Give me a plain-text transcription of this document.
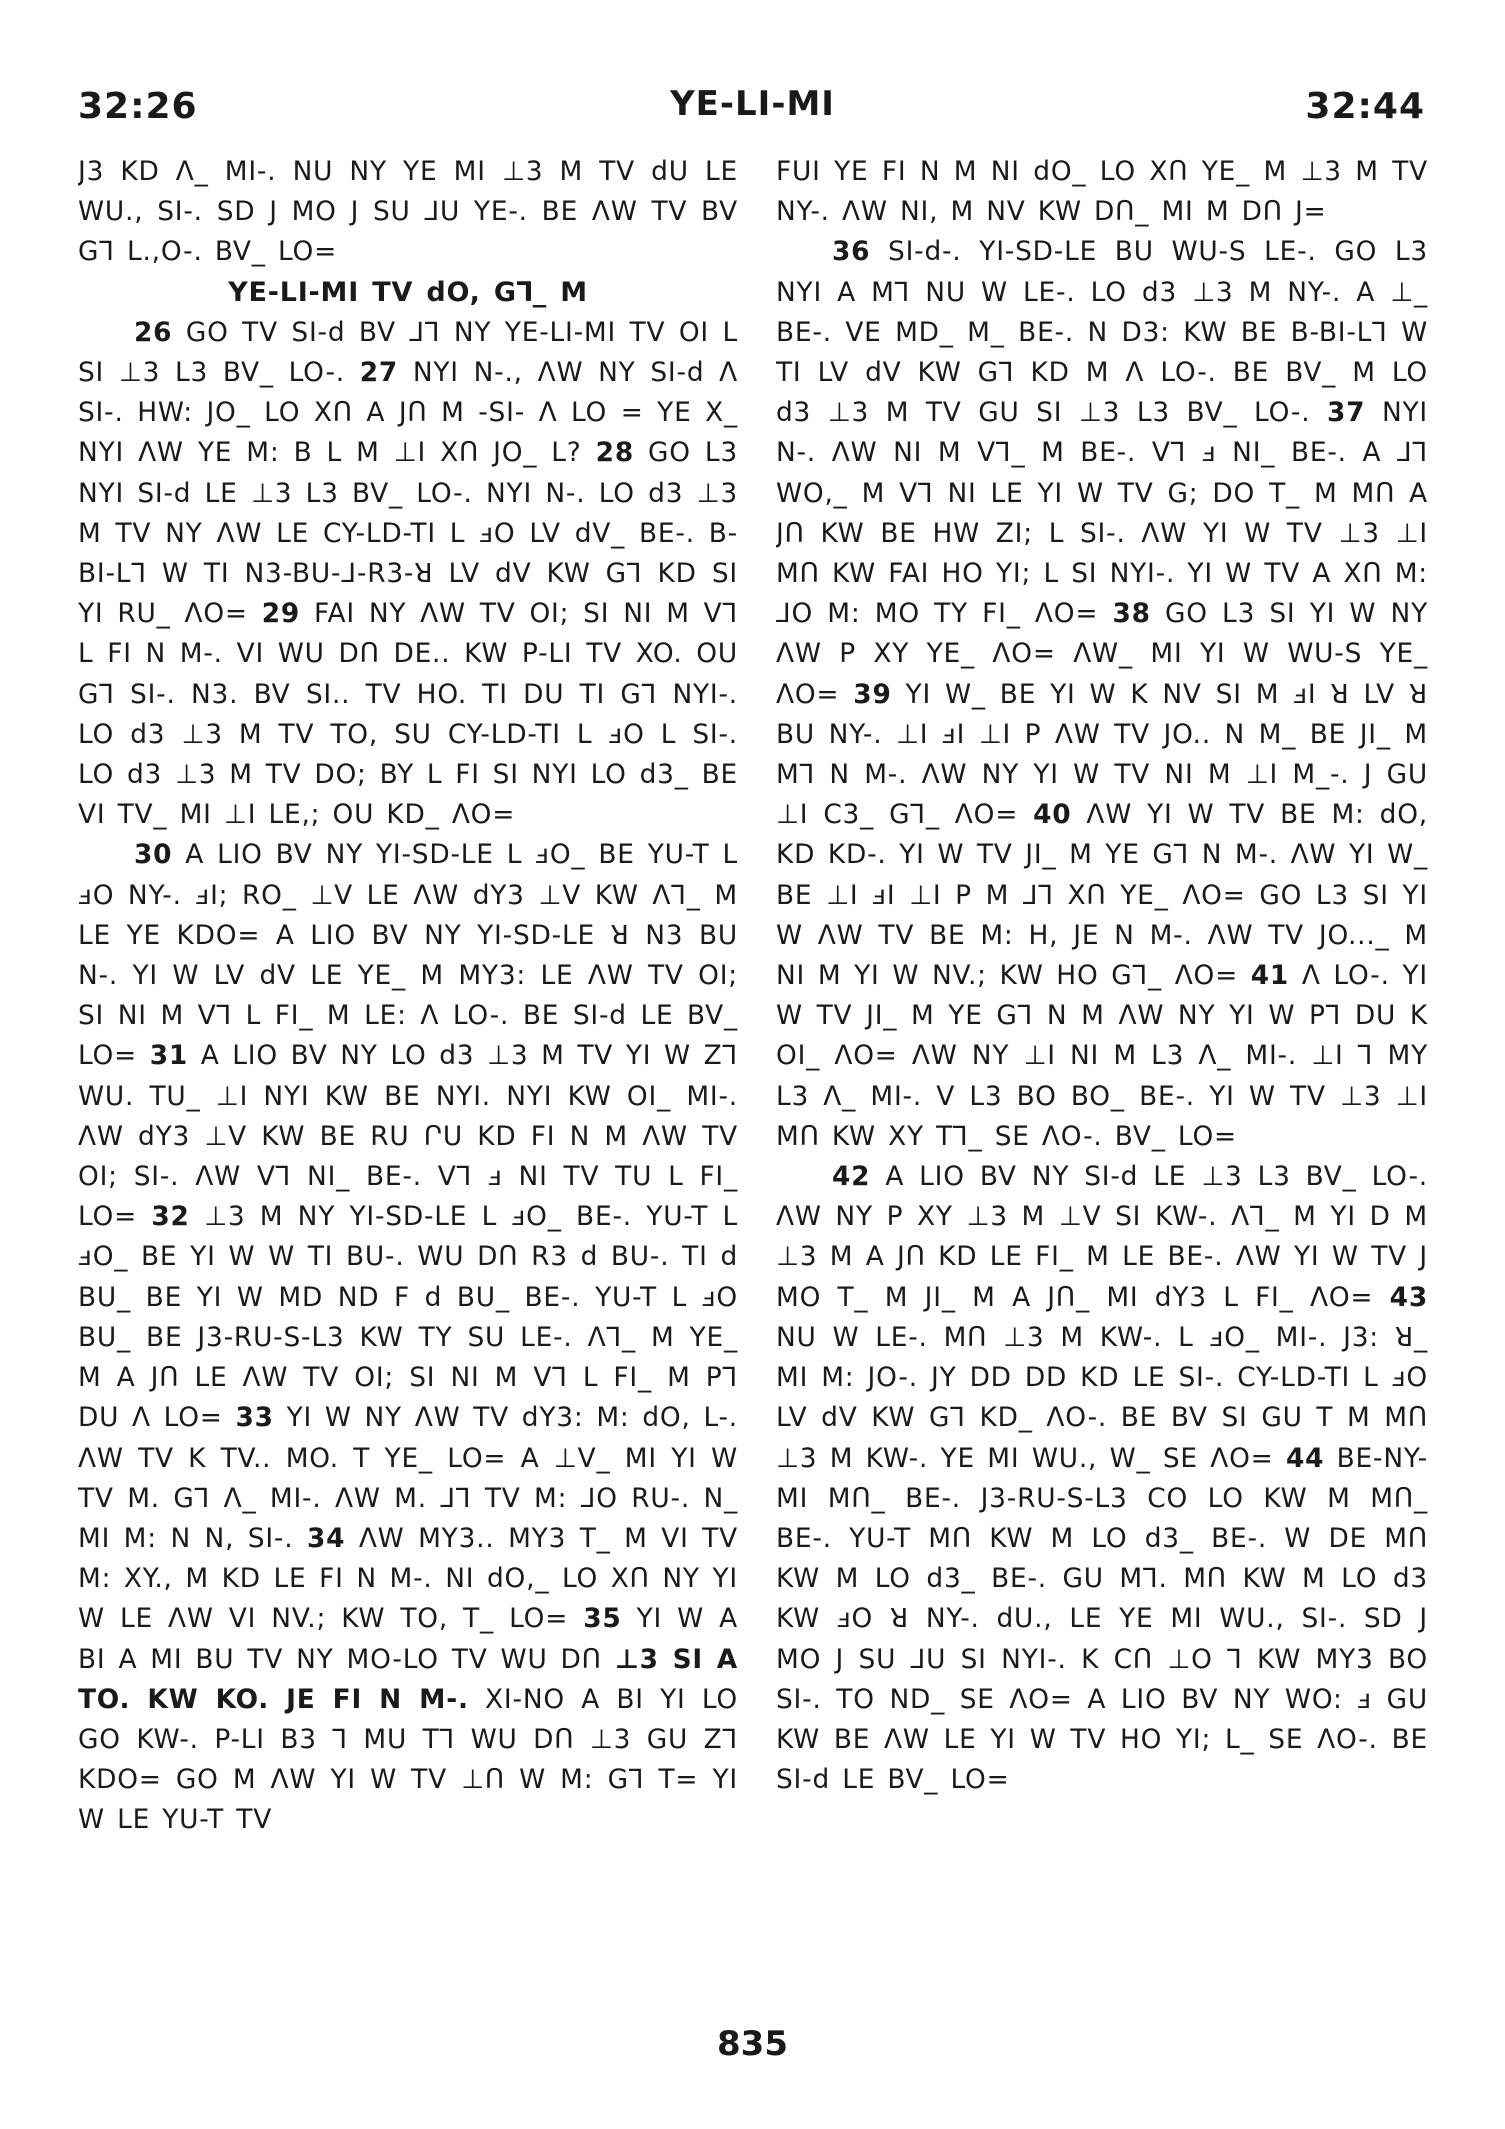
32:26	YE-LI-MI	32:44

J3 KD Λ_ MI-. NU NY YE MI ⊥3 M TV dU LE WU., SI-. SD J MO J SU ⅃U YE-. BE ΛW TV BV G⅂ L.,O-. BV_ LO=

YE-LI-MI TV dO, G⅂_ M

26 GO TV SI-d BV ⅃⅂ NY YE-LI-MI TV OI L SI ⊥3 L3 BV_ LO-. 27 NYI N-., ΛW NY SI-d Λ SI-. HW: JO_ LO XՈ A JՈ M -SI- Λ LO = YE X_ NYI ΛW YE M: B L M ⊥I XՈ JO_ L? 28 GO L3 NYI SI-d LE ⊥3 L3 BV_ LO-. NYI N-. LO d3 ⊥3 M TV NY ΛW LE CY-LD-TI L ⅎO LV dV_ BE-. B-BI-L⅂ W TI N3-BU-⅃-R3-ꓤ LV dV KW G⅂ KD SI YI RU_ ΛO= 29 FAI NY ΛW TV OI; SI NI M V⅂ L FI N M-. VI WU DՈ DE.. KW P-LI TV XO. OU G⅂ SI-. N3. BV SI.. TV HO. TI DU TI G⅂ NYI-. LO d3 ⊥3 M TV TO, SU CY-LD-TI L ⅎO L SI-. LO d3 ⊥3 M TV DO; BY L FI SI NYI LO d3_ BE VI TV_ MI ⊥I LE,; OU KD_ ΛO=

30 A LIO BV NY YI-SD-LE L ⅎO_ BE YU-T L ⅎO NY-. ⅎI; RO_ ⊥V LE ΛW dY3 ⊥V KW Λ⅂_ M LE YE KDO= A LIO BV NY YI-SD-LE ꓤ N3 BU N-. YI W LV dV LE YE_ M MY3: LE ΛW TV OI; SI NI M V⅂ L FI_ M LE: Λ LO-. BE SI-d LE BV_ LO= 31 A LIO BV NY LO d3 ⊥3 M TV YI W Z⅂ WU. TU_ ⊥I NYI KW BE NYI. NYI KW OI_ MI-. ΛW dY3 ⊥V KW BE RU ՐU KD FI N M ΛW TV OI; SI-. ΛW V⅂ NI_ BE-. V⅂ ⅎ NI TV TU L FI_ LO= 32 ⊥3 M NY YI-SD-LE L ⅎO_ BE-. YU-T L ⅎO_ BE YI W W TI BU-. WU DՈ R3 d BU-. TI d BU_ BE YI W MD ND F d BU_ BE-. YU-T L ⅎO BU_ BE J3-RU-S-L3 KW TY SU LE-. Λ⅂_ M YE_ M A JՈ LE ΛW TV OI; SI NI M V⅂ L FI_ M P⅂ DU Λ LO= 33 YI W NY ΛW TV dY3: M: dO, L-. ΛW TV K TV.. MO. T YE_ LO= A ⊥V_ MI YI W TV M. G⅂ Λ_ MI-. ΛW M. ⅃⅂ TV M: ⅃O RU-. N_ MI M: N N, SI-. 34 ΛW MY3.. MY3 T_ M VI TV M: XY., M KD LE FI N M-. NI dO,_ LO XՈ NY YI W LE ΛW VI NV.; KW TO, T_ LO= 35 YI W A BI A MI BU TV NY MO-LO TV WU DՈ ⊥3 SI A TO. KW KO. JE FI N M-. XI-NO A BI YI LO GO KW-. P-LI B3 ⅂ MU T⅂ WU DՈ ⊥3 GU Z⅂ KDO= GO M ΛW YI W TV ⊥Ո W M: G⅂ T= YI W LE YU-T TV

FUI YE FI N M NI dO_ LO XՈ YE_ M ⊥3 M TV NY-. ΛW NI, M NV KW DՈ_ MI M DՈ J=

36 SI-d-. YI-SD-LE BU WU-S LE-. GO L3 NYI A M⅂ NU W LE-. LO d3 ⊥3 M NY-. A ⊥_ BE-. VE MD_ M_ BE-. N D3: KW BE B-BI-L⅂ W TI LV dV KW G⅂ KD M Λ LO-. BE BV_ M LO d3 ⊥3 M TV GU SI ⊥3 L3 BV_ LO-. 37 NYI N-. ΛW NI M V⅂_ M BE-. V⅂ ⅎ NI_ BE-. A ⅃⅂ WO,_ M V⅂ NI LE YI W TV G; DO T_ M MՈ A JՈ KW BE HW ZI; L SI-. ΛW YI W TV ⊥3 ⊥I MՈ KW FAI HO YI; L SI NYI-. YI W TV A XՈ M: ⅃O M: MO TY FI_ ΛO= 38 GO L3 SI YI W NY ΛW P XY YE_ ΛO= ΛW_ MI YI W WU-S YE_ ΛO= 39 YI W_ BE YI W K NV SI M ⅎI ꓤ LV ꓤ BU NY-. ⊥I ⅎI ⊥I P ΛW TV JO.. N M_ BE JI_ M M⅂ N M-. ΛW NY YI W TV NI M ⊥I M_-. J GU ⊥I C3_ G⅂_ ΛO= 40 ΛW YI W TV BE M: dO, KD KD-. YI W TV JI_ M YE G⅂ N M-. ΛW YI W_ BE ⊥I ⅎI ⊥I P M ⅃⅂ XՈ YE_ ΛO= GO L3 SI YI W ΛW TV BE M: H, JE N M-. ΛW TV JO..._ M NI M YI W NV.; KW HO G⅂_ ΛO= 41 Λ LO-. YI W TV JI_ M YE G⅂ N M ΛW NY YI W P⅂ DU K OI_ ΛO= ΛW NY ⊥I NI M L3 Λ_ MI-. ⊥I ⅂ MY L3 Λ_ MI-. V L3 BO BO_ BE-. YI W TV ⊥3 ⊥I MՈ KW XY T⅂_ SE ΛO-. BV_ LO=

42 A LIO BV NY SI-d LE ⊥3 L3 BV_ LO-. ΛW NY P XY ⊥3 M ⊥V SI KW-. Λ⅂_ M YI D M ⊥3 M A JՈ KD LE FI_ M LE BE-. ΛW YI W TV J MO T_ M JI_ M A JՈ_ MI dY3 L FI_ ΛO= 43 NU W LE-. MՈ ⊥3 M KW-. L ⅎO_ MI-. J3: ꓤ_ MI M: JO-. JY DD DD KD LE SI-. CY-LD-TI L ⅎO LV dV KW G⅂ KD_ ΛO-. BE BV SI GU T M MՈ ⊥3 M KW-. YE MI WU., W_ SE ΛO= 44 BE-NY-MI MՈ_ BE-. J3-RU-S-L3 CO LO KW M MՈ_ BE-. YU-T MՈ KW M LO d3_ BE-. W DE MՈ KW M LO d3_ BE-. GU M⅂. MՈ KW M LO d3 KW ⅎO ꓤ NY-. dU., LE YE MI WU., SI-. SD J MO J SU ⅃U SI NYI-. K CՈ ⊥O ⅂ KW MY3 BO SI-. TO ND_ SE ΛO= A LIO BV NY WO: ⅎ GU KW BE ΛW LE YI W TV HO YI; L_ SE ΛO-. BE SI-d LE BV_ LO=

835
